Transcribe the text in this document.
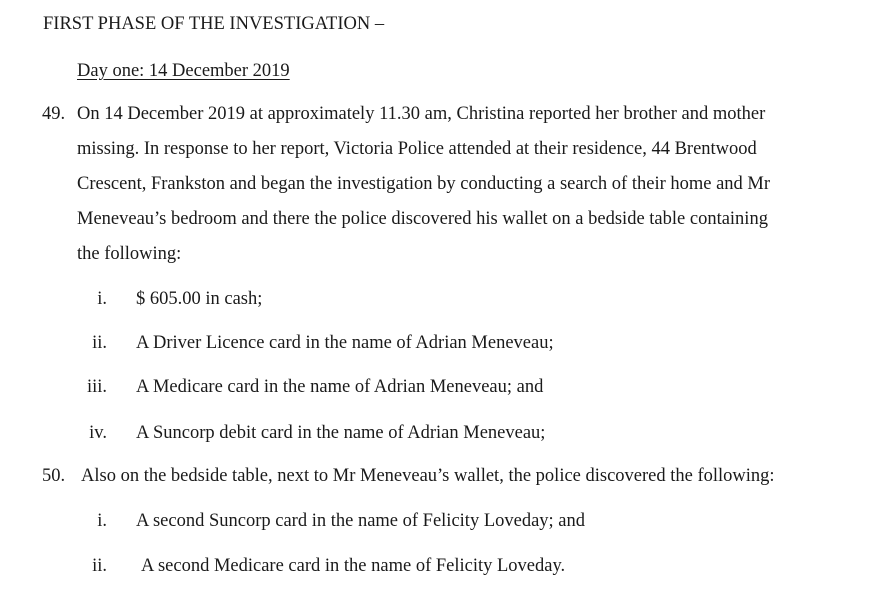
FIRST PHASE OF THE INVESTIGATION –
Day one: 14 December 2019
49. On 14 December 2019 at approximately 11.30 am, Christina reported her brother and mother
missing. In response to her report, Victoria Police attended at their residence, 44 Brentwood
Crescent, Frankston and began the investigation by conducting a search of their home and Mr
Meneveau’s bedroom and there the police discovered his wallet on a bedside table containing
the following:
i. $ 605.00 in cash;
ii. A Driver Licence card in the name of Adrian Meneveau;
iii. A Medicare card in the name of Adrian Meneveau; and
iv. A Suncorp debit card in the name of Adrian Meneveau;
50. Also on the bedside table, next to Mr Meneveau’s wallet, the police discovered the following:
i. A second Suncorp card in the name of Felicity Loveday; and
ii. A second Medicare card in the name of Felicity Loveday.
